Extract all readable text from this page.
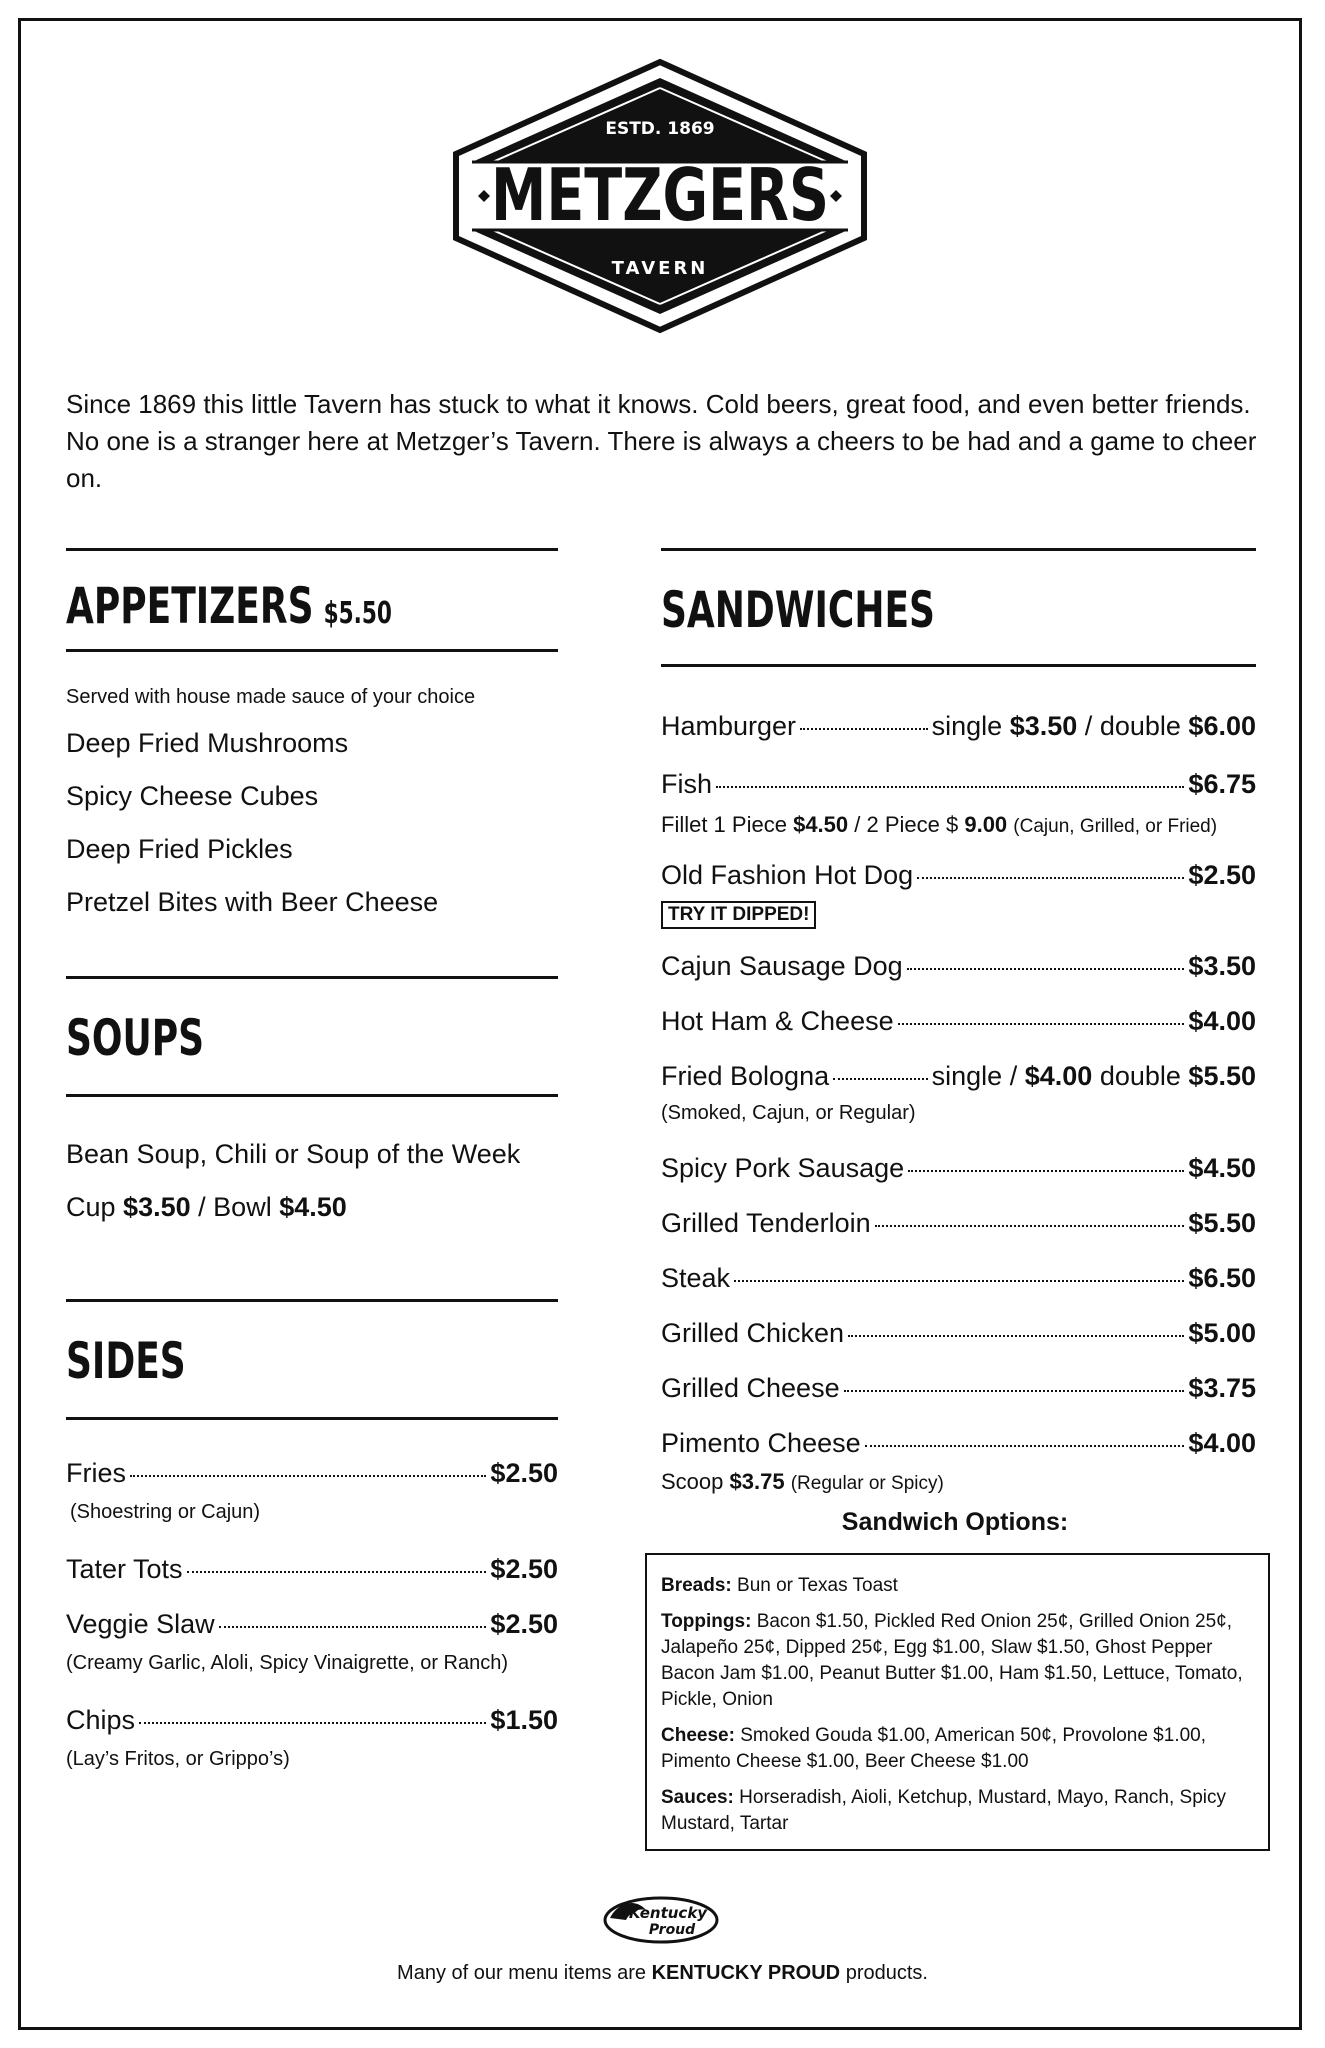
ESTD. 1869
METZGERS
TAVERN
Since 1869 this little Tavern has stuck to what it knows. Cold beers, great food, and even better friends. No one is a stranger here at Metzger’s Tavern. There is always a cheers to be had and a game to cheer on.
APPETIZERS $5.50
Served with house made sauce of your choice
Deep Fried Mushrooms
Spicy Cheese Cubes
Deep Fried Pickles
Pretzel Bites with Beer Cheese
SOUPS
Bean Soup, Chili or Soup of the Week
Cup $3.50 / Bowl $4.50
SIDES
Fries	$2.50
(Shoestring or Cajun)
Tater Tots	$2.50
Veggie Slaw	$2.50
(Creamy Garlic, Aloli, Spicy Vinaigrette, or Ranch)
Chips	$1.50
(Lay’s Fritos, or Grippo’s)
SANDWICHES
Hamburger	single $3.50 / double $6.00
Fish	$6.75
Fillet 1 Piece $4.50 / 2 Piece $ 9.00 (Cajun, Grilled, or Fried)
Old Fashion Hot Dog	$2.50
TRY IT DIPPED!
Cajun Sausage Dog	$3.50
Hot Ham & Cheese	$4.00
Fried Bologna	single / $4.00 double $5.50
(Smoked, Cajun, or Regular)
Spicy Pork Sausage	$4.50
Grilled Tenderloin	$5.50
Steak	$6.50
Grilled Chicken	$5.00
Grilled Cheese	$3.75
Pimento Cheese	$4.00
Scoop $3.75 (Regular or Spicy)
Sandwich Options:

Breads: Bun or Texas Toast

Toppings: Bacon $1.50, Pickled Red Onion 25¢, Grilled Onion 25¢, Jalapeño 25¢, Dipped 25¢, Egg $1.00, Slaw $1.50, Ghost Pepper Bacon Jam $1.00, Peanut Butter $1.00, Ham $1.50, Lettuce, Tomato, Pickle, Onion

Cheese: Smoked Gouda $1.00, American 50¢, Provolone $1.00, Pimento Cheese $1.00, Beer Cheese $1.00

Sauces: Horseradish, Aioli, Ketchup, Mustard, Mayo, Ranch, Spicy Mustard, Tartar

Kentucky
Proud
Many of our menu items are KENTUCKY PROUD products.
